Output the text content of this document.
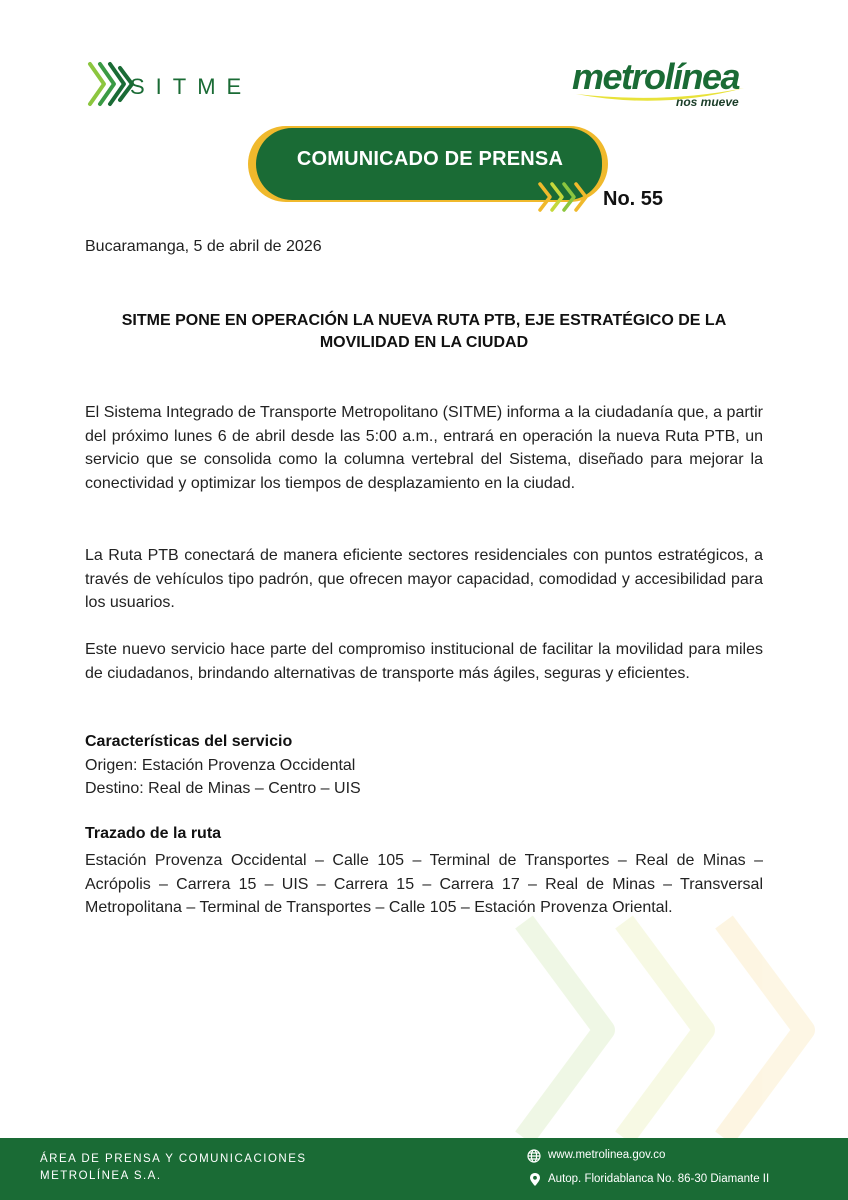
SITME	metrolínea
nos mueve
COMUNICADO DE PRENSA
No. 55
Bucaramanga, 5 de abril de 2026
SITME PONE EN OPERACIÓN LA NUEVA RUTA PTB, EJE ESTRATÉGICO DE LA MOVILIDAD EN LA CIUDAD
El Sistema Integrado de Transporte Metropolitano (SITME) informa a la ciudadanía que, a partir del próximo lunes 6 de abril desde las 5:00 a.m., entrará en operación la nueva Ruta PTB, un servicio que se consolida como la columna vertebral del Sistema, diseñado para mejorar la conectividad y optimizar los tiempos de desplazamiento en la ciudad.
La Ruta PTB conectará de manera eficiente sectores residenciales con puntos estratégicos, a través de vehículos tipo padrón, que ofrecen mayor capacidad, comodidad y accesibilidad para los usuarios.
Este nuevo servicio hace parte del compromiso institucional de facilitar la movilidad para miles de ciudadanos, brindando alternativas de transporte más ágiles, seguras y eficientes.
Características del servicio
Origen: Estación Provenza Occidental
Destino: Real de Minas – Centro – UIS
Trazado de la ruta
Estación Provenza Occidental – Calle 105 – Terminal de Transportes – Real de Minas – Acrópolis – Carrera 15 – UIS – Carrera 15 – Carrera 17 – Real de Minas – Transversal Metropolitana – Terminal de Transportes – Calle 105 – Estación Provenza Oriental.
ÁREA DE PRENSA Y COMUNICACIONES
METROLÍNEA S.A.
www.metrolinea.gov.co
Autop. Floridablanca No. 86-30 Diamante II
